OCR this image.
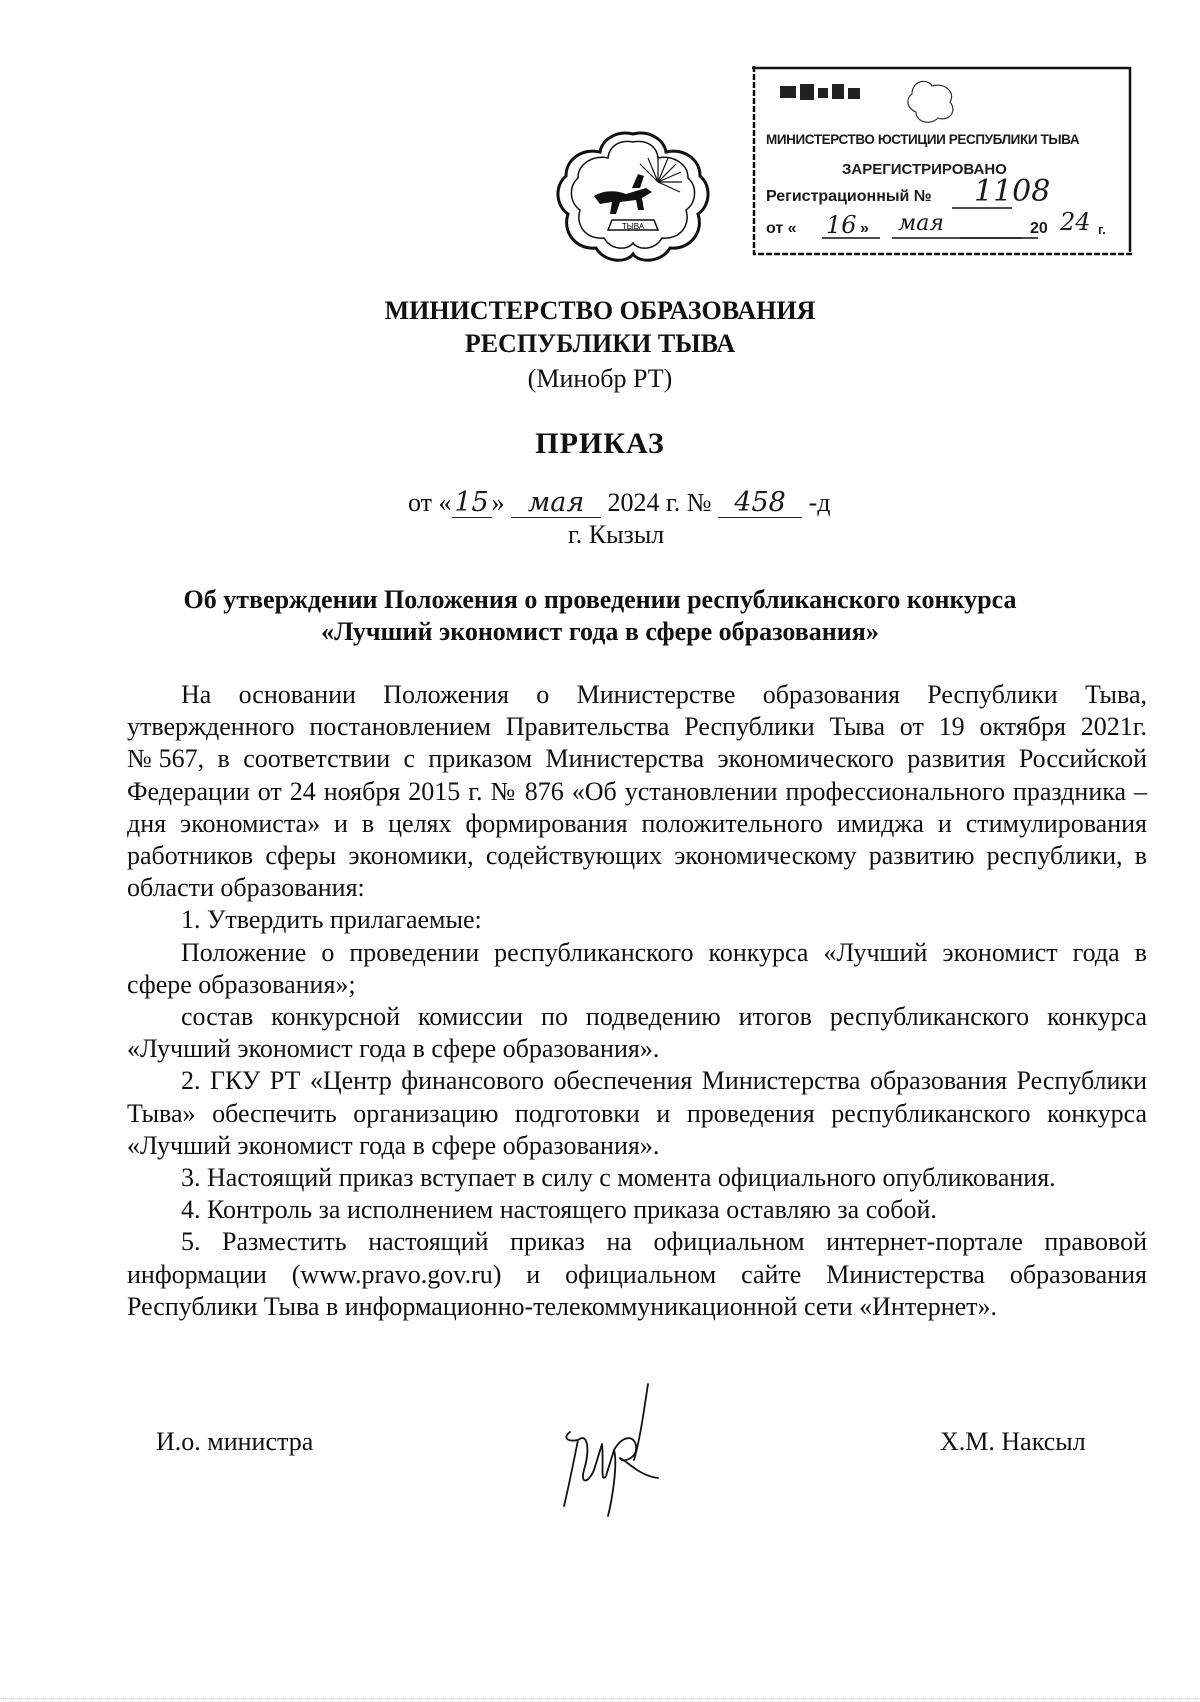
ТЫВА
МИНИСТЕРСТВО ЮСТИЦИИ РЕСПУБЛИКИ ТЫВА
ЗАРЕГИСТРИРОВАНО
Регистрационный № 1108
от « 16 » мая	20 24 г.
МИНИСТЕРСТВО ОБРАЗОВАНИЯ
РЕСПУБЛИКИ ТЫВА
(Минобр РТ)
ПРИКАЗ
от « 15 » мая 2024 г. № 458 -д
г. Кызыл
Об утверждении Положения о проведении республиканского конкурса
«Лучший экономист года в сфере образования»

На основании Положения о Министерстве образования Республики Тыва, утвержденного постановлением Правительства Республики Тыва от 19 октября 2021г. №567, в соответствии с приказом Министерства экономического развития Российской Федерации от 24 ноября 2015 г. № 876 «Об установлении профессионального праздника – дня экономиста» и в целях формирования положительного имиджа и стимулирования работников сферы экономики, содействующих экономическому развитию республики, в области образования:

1. Утвердить прилагаемые:

Положение о проведении республиканского конкурса «Лучший экономист года в сфере образования»;

состав конкурсной комиссии по подведению итогов республиканского конкурса «Лучший экономист года в сфере образования».

2. ГКУ РТ «Центр финансового обеспечения Министерства образования Республики Тыва» обеспечить организацию подготовки и проведения республиканского конкурса «Лучший экономист года в сфере образования».

3. Настоящий приказ вступает в силу с момента официального опубликования.

4. Контроль за исполнением настоящего приказа оставляю за собой.

5. Разместить настоящий приказ на официальном интернет-портале правовой информации (www.pravo.gov.ru) и официальном сайте Министерства образования Республики Тыва в информационно-телекоммуникационной сети «Интернет».

И.о. министра	Х.М. Наксыл
